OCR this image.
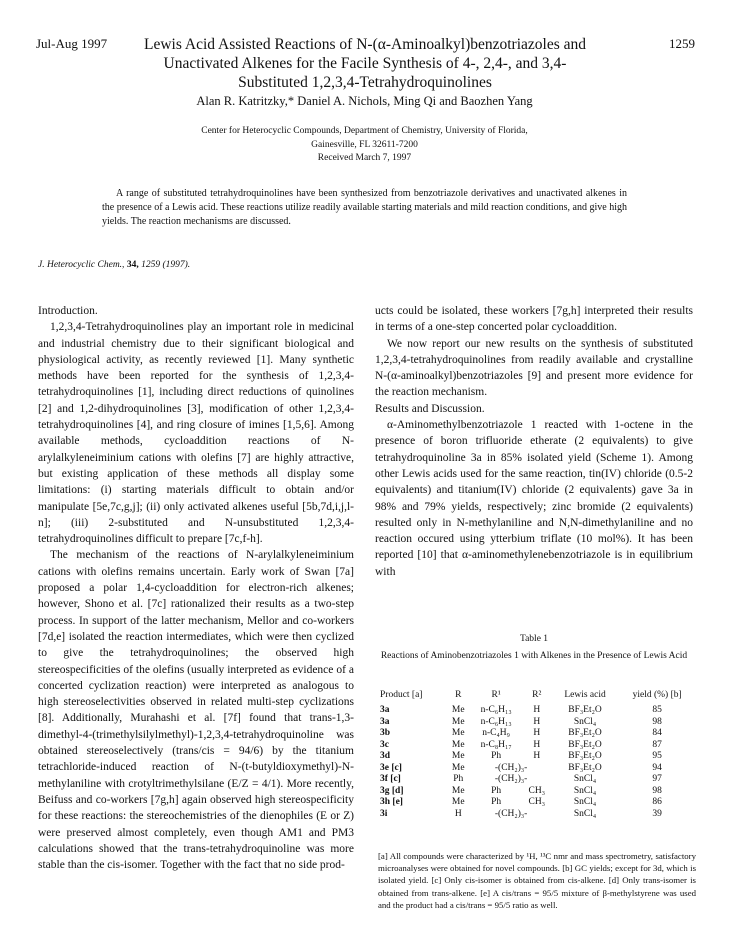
Jul-Aug 1997	1259
Lewis Acid Assisted Reactions of N-(α-Aminoalkyl)benzotriazoles and
Unactivated Alkenes for the Facile Synthesis of 4-, 2,4-, and 3,4-
Substituted 1,2,3,4-Tetrahydroquinolines
Alan R. Katritzky,* Daniel A. Nichols, Ming Qi and Baozhen Yang
Center for Heterocyclic Compounds, Department of Chemistry, University of Florida,
Gainesville, FL 32611-7200
Received March 7, 1997
A range of substituted tetrahydroquinolines have been synthesized from benzotriazole derivatives and unactivated alkenes in the presence of a Lewis acid. These reactions utilize readily available starting materials and mild reaction conditions, and give high yields. The reaction mechanisms are discussed.
J. Heterocyclic Chem., 34, 1259 (1997).

Introduction.

1,2,3,4-Tetrahydroquinolines play an important role in medicinal and industrial chemistry due to their significant biological and physiological activity, as recently reviewed [1]. Many synthetic methods have been reported for the synthesis of 1,2,3,4-tetrahydroquinolines [1], including direct reductions of quinolines [2] and 1,2-dihydroquinolines [3], modification of other 1,2,3,4-tetrahydroquinolines [4], and ring closure of imines [1,5,6]. Among available methods, cycloaddition reactions of N-arylalkyleneiminium cations with olefins [7] are highly attractive, but existing application of these methods all display some limitations: (i) starting materials difficult to obtain and/or manipulate [5e,7c,g,j]; (ii) only activated alkenes useful [5b,7d,i,j,l-n]; (iii) 2-substituted and N-unsubstituted 1,2,3,4-tetrahydroquinolines difficult to prepare [7c,f-h].

The mechanism of the reactions of N-arylalkyleneiminium cations with olefins remains uncertain. Early work of Swan [7a] proposed a polar 1,4-cycloaddition for electron-rich alkenes; however, Shono et al. [7c] rationalized their results as a two-step process. In support of the latter mechanism, Mellor and co-workers [7d,e] isolated the reaction intermediates, which were then cyclized to give the tetrahydroquinolines; the observed high stereospecificities of the olefins (usually interpreted as evidence of a concerted cyclization reaction) were interpreted as analogous to high stereoselectivities observed in related multi-step cyclizations [8]. Additionally, Murahashi et al. [7f] found that trans-1,3-dimethyl-4-(trimethylsilylmethyl)-1,2,3,4-tetrahydroquinoline was obtained stereoselectively (trans/cis = 94/6) by the titanium tetrachloride-induced reaction of N-(t-butyldioxymethyl)-N-methylaniline with crotyltrimethylsilane (E/Z = 4/1). More recently, Beifuss and co-workers [7g,h] again observed high stereospecificity for these reactions: the stereochemistries of the dienophiles (E or Z) were preserved almost completely, even though AM1 and PM3 calculations showed that the trans-tetrahydroquinoline was more stable than the cis-isomer. Together with the fact that no side prod-

ucts could be isolated, these workers [7g,h] interpreted their results in terms of a one-step concerted polar cycloaddition.

We now report our new results on the synthesis of substituted 1,2,3,4-tetrahydroquinolines from readily available and crystalline N-(α-aminoalkyl)benzotriazoles [9] and present more evidence for the reaction mechanism.

Results and Discussion.

α-Aminomethylbenzotriazole 1 reacted with 1-octene in the presence of boron trifluoride etherate (2 equivalents) to give tetrahydroquinoline 3a in 85% isolated yield (Scheme 1). Among other Lewis acids used for the same reaction, tin(IV) chloride (0.5-2 equivalents) and titanium(IV) chloride (2 equivalents) gave 3a in 98% and 79% yields, respectively; zinc bromide (2 equivalents) resulted only in N-methylaniline and N,N-dimethylaniline and no reaction occured using ytterbium triflate (10 mol%). It has been reported [10] that α-aminomethylenebenzotriazole is in equilibrium with

Table 1
Reactions of Aminobenzotriazoles 1 with Alkenes in the Presence of Lewis Acid
Product [a]	R	R¹	R²	Lewis acid	yield (%) [b]
3a	Me	n-C₆H₁₃	H	BF₃Et₂O	85
3a	Me	n-C₆H₁₃	H	SnCl₄	98
3b	Me	n-C₄H₉	H	BF₃Et₂O	84
3c	Me	n-C₈H₁₇	H	BF₃Et₂O	87
3d	Me	Ph	H	BF₃Et₂O	95
3e [c]	Me	-(CH₂)₃-		BF₃Et₂O	94
3f [c]	Ph	-(CH₂)₃-		SnCl₄	97
3g [d]	Me	Ph	CH₃	SnCl₄	98
3h [e]	Me	Ph	CH₃	SnCl₄	86
3i	H	-(CH₂)₃-		SnCl₄	39
[a] All compounds were characterized by ¹H, ¹³C nmr and mass spectrometry, satisfactory microanalyses were obtained for novel compounds. [b] GC yields; except for 3d, which is isolated yield. [c] Only cis-isomer is obtained from cis-alkene. [d] Only trans-isomer is obtained from trans-alkene. [e] A cis/trans = 95/5 mixture of β-methylstyrene was used and the product had a cis/trans = 95/5 ratio as well.
